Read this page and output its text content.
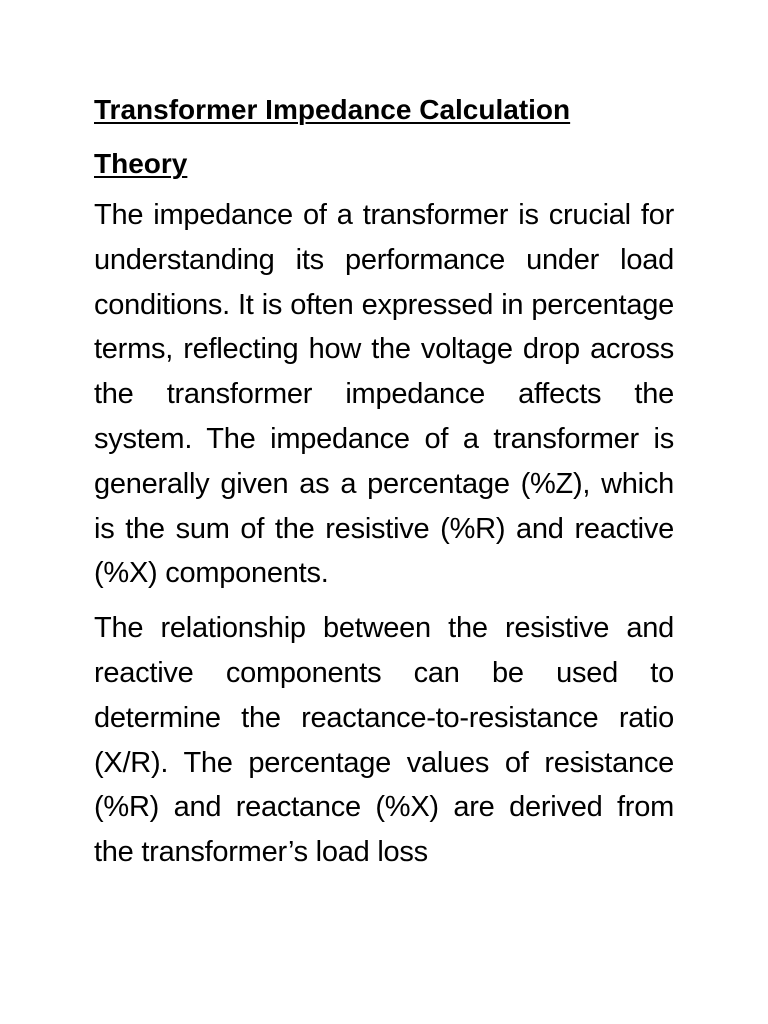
Transformer Impedance Calculation
Theory

The impedance of a transformer is crucial for understanding its performance under load conditions. It is often expressed in percentage terms, reflecting how the voltage drop across the transformer impedance affects the system. The impedance of a transformer is generally given as a percentage (%Z), which is the sum of the resistive (%R) and reactive (%X) components.

The relationship between the resistive and reactive components can be used to determine the reactance-to-resistance ratio (X/R). The percentage values of resistance (%R) and reactance (%X) are derived from the transformer’s load loss
